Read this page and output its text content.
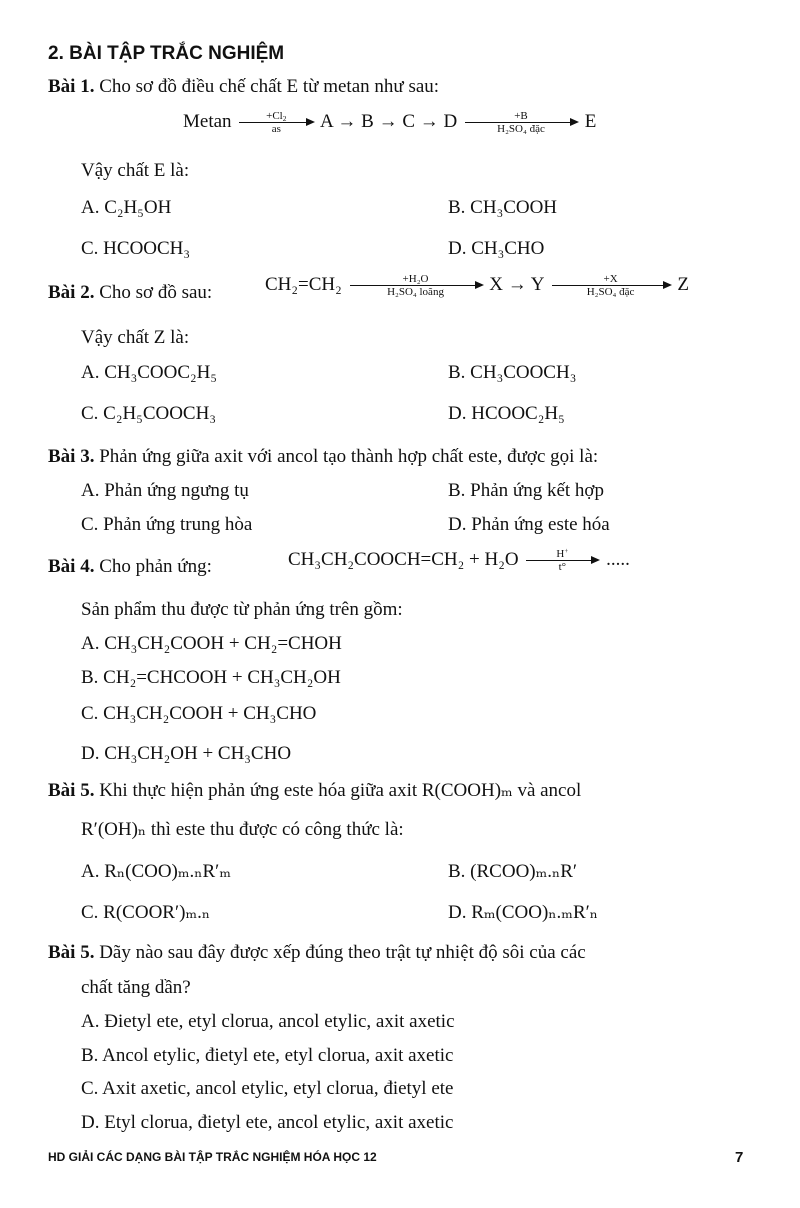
2. BÀI TẬP TRẮC NGHIỆM
Bài 1. Cho sơ đồ điều chế chất E từ metan như sau:
Metan $\frac{+Cl_2}{as}$ A → B → C → D	+B
H₂SO₄ đặc	E
Vậy chất E là:
A. C₂H₅OH	B. CH₃COOH
C. HCOOCH₃	D. CH₃CHO
Bài 2. Cho sơ đồ sau:	CH₂=CH₂	+H₂O
H₂SO₄ loãng	X → Y	+X
H₂SO₄ đặc	Z
Vậy chất Z là:
A. CH₃COOC₂H₅	B. CH₃COOCH₃
C. C₂H₅COOCH₃	D. HCOOC₂H₅
Bài 3. Phản ứng giữa axit với ancol tạo thành hợp chất este, được gọi là:
A. Phản ứng ngưng tụ	B. Phản ứng kết hợp
C. Phản ứng trung hòa	D. Phản ứng este hóa
Bài 4. Cho phản ứng:	CH₃CH₂COOCH=CH₂ + $H_2O \frac{H^+}{t^\circ}$ .....
Sản phẩm thu được từ phản ứng trên gồm:
A. CH₃CH₂COOH + CH₂=CHOH
B. CH₂=CHCOOH + CH₃CH₂OH
C. CH₃CH₂COOH + CH₃CHO
D. CH₃CH₂OH + CH₃CHO
Bài 5. Khi thực hiện phản ứng este hóa giữa axit R(COOH)ₘ và ancol
R′(OH)ₙ thì este thu được có công thức là:
A. Rₙ(COO)ₘ.ₙR′ₘ	B. (RCOO)ₘ.ₙR′
C. R(COOR′)ₘ.ₙ	D. Rₘ(COO)ₙ.ₘR′ₙ
Bài 5. Dãy nào sau đây được xếp đúng theo trật tự nhiệt độ sôi của các
chất tăng dần?
A. Đietyl ete, etyl clorua, ancol etylic, axit axetic
B. Ancol etylic, đietyl ete, etyl clorua, axit axetic
C. Axit axetic, ancol etylic, etyl clorua, đietyl ete
D. Etyl clorua, đietyl ete, ancol etylic, axit axetic
HD GIẢI CÁC DẠNG BÀI TẬP TRẮC NGHIỆM HÓA HỌC 12	7
